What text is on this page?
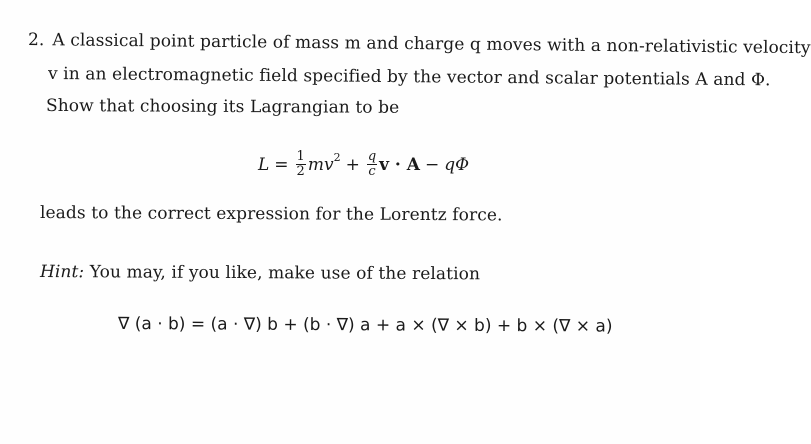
2. A classical point particle of mass m and charge q moves with a non-relativistic velocity
v in an electromagnetic field specified by the vector and scalar potentials A and Φ.
Show that choosing its Lagrangian to be
$L = \frac{1}{2}$ mv $2 + \frac{q}{c}$ v · A − qΦ
leads to the correct expression for the Lorentz force.
Hint: You may, if you like, make use of the relation
∇ (a · b) = (a · ∇) b + (b · ∇) a + a × (∇ × b) + b × (∇ × a)
